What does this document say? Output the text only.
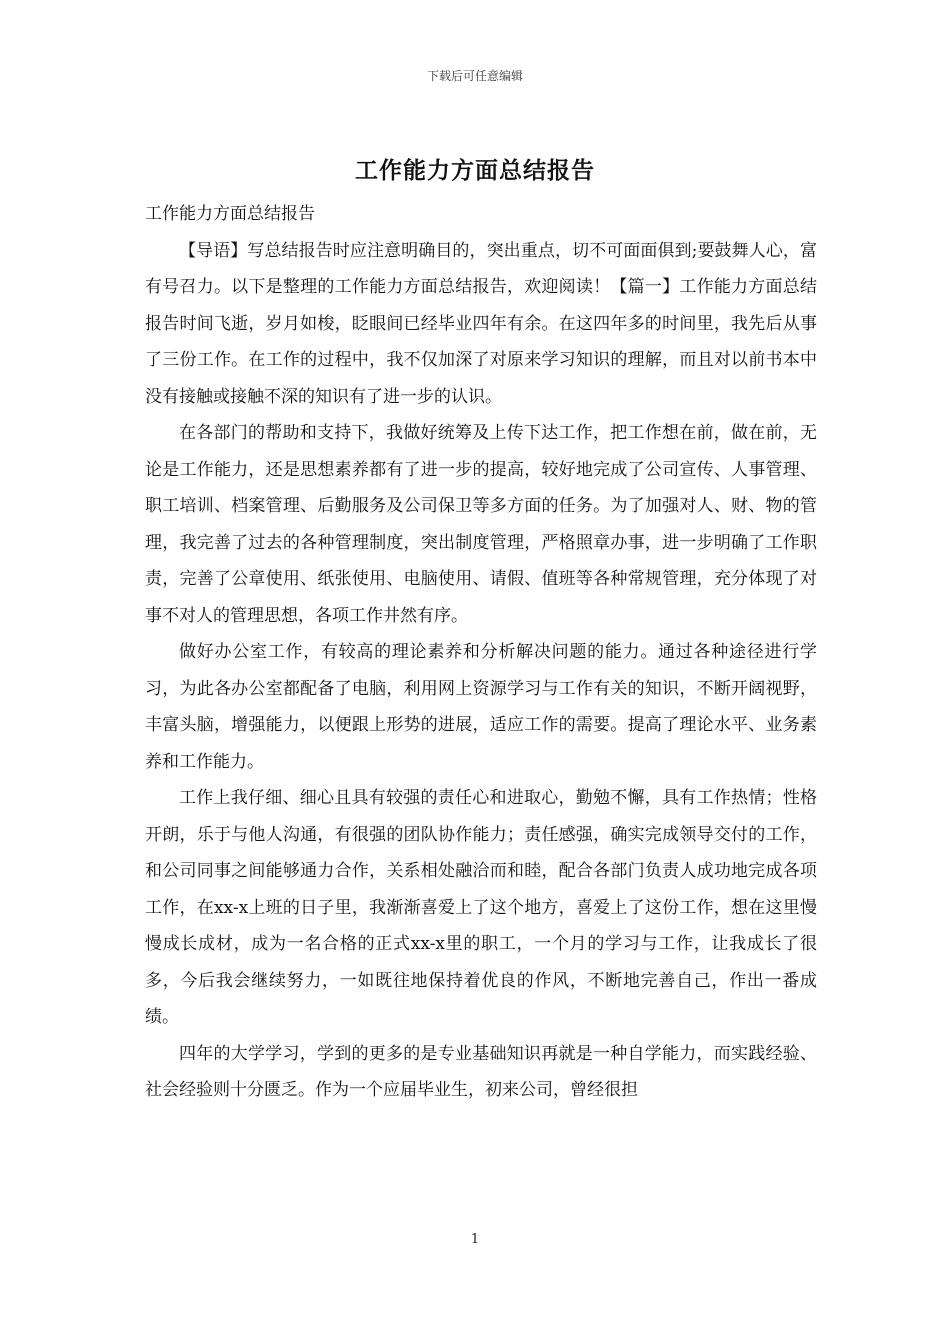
下载后可任意编辑
工作能力方面总结报告

工作能力方面总结报告

【导语】写总结报告时应注意明确目的，突出重点，切不可面面俱到;要鼓舞人心，富有号召力。以下是整理的工作能力方面总结报告，欢迎阅读！【篇一】工作能力方面总结报告时间飞逝，岁月如梭，眨眼间已经毕业四年有余。在这四年多的时间里，我先后从事了三份工作。在工作的过程中，我不仅加深了对原来学习知识的理解，而且对以前书本中没有接触或接触不深的知识有了进一步的认识。

在各部门的帮助和支持下，我做好统筹及上传下达工作，把工作想在前，做在前，无论是工作能力，还是思想素养都有了进一步的提高，较好地完成了公司宣传、人事管理、职工培训、档案管理、后勤服务及公司保卫等多方面的任务。为了加强对人、财、物的管理，我完善了过去的各种管理制度，突出制度管理，严格照章办事，进一步明确了工作职责，完善了公章使用、纸张使用、电脑使用、请假、值班等各种常规管理，充分体现了对事不对人的管理思想，各项工作井然有序。

做好办公室工作，有较高的理论素养和分析解决问题的能力。通过各种途径进行学习，为此各办公室都配备了电脑，利用网上资源学习与工作有关的知识，不断开阔视野，丰富头脑，增强能力，以便跟上形势的进展，适应工作的需要。提高了理论水平、业务素养和工作能力。

工作上我仔细、细心且具有较强的责任心和进取心，勤勉不懈，具有工作热情；性格开朗，乐于与他人沟通，有很强的团队协作能力；责任感强，确实完成领导交付的工作，和公司同事之间能够通力合作，关系相处融洽而和睦，配合各部门负责人成功地完成各项工作，在xx-x上班的日子里，我渐渐喜爱上了这个地方，喜爱上了这份工作，想在这里慢慢成长成材，成为一名合格的正式xx-x里的职工，一个月的学习与工作，让我成长了很多，今后我会继续努力，一如既往地保持着优良的作风，不断地完善自己，作出一番成绩。

四年的大学学习，学到的更多的是专业基础知识再就是一种自学能力，而实践经验、社会经验则十分匮乏。作为一个应届毕业生，初来公司，曾经很担

1
